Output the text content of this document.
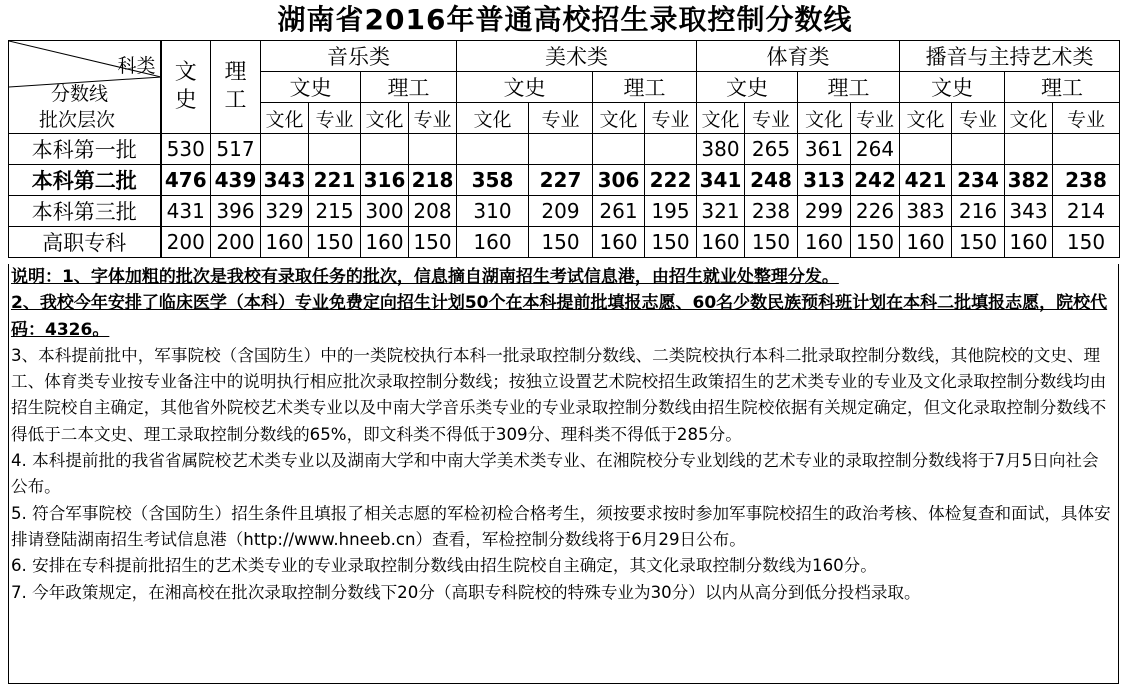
湖南省2016年普通高校招生录取控制分数线
科类
分数线
批次层次	文史	理工	音乐类				美术类				体育类				播音与主持艺术类			
			文史		理工		文史		理工		文史		理工		文史		理工	
			文化	专业	文化	专业	文化	专业	文化	专业	文化	专业	文化	专业	文化	专业	文化	专业
本科第一批	530	517									380	265	361	264				
本科第二批	476	439	343	221	316	218	358	227	306	222	341	248	313	242	421	234	382	238
本科第三批	431	396	329	215	300	208	310	209	261	195	321	238	299	226	383	216	343	214
高职专科	200	200	160	150	160	150	160	150	160	150	160	150	160	150	160	150	160	150

说明：1、字体加粗的批次是我校有录取任务的批次，信息摘自湖南招生考试信息港，由招生就业处整理分发。

2、我校今年安排了临床医学（本科）专业免费定向招生计划50个在本科提前批填报志愿、60名少数民族预科班计划在本科二批填报志愿，院校代码：4326。

3、本科提前批中，军事院校（含国防生）中的一类院校执行本科一批录取控制分数线、二类院校执行本科二批录取控制分数线，其他院校的文史、理工、体育类专业按专业备注中的说明执行相应批次录取控制分数线；按独立设置艺术院校招生政策招生的艺术类专业的专业及文化录取控制分数线均由招生院校自主确定，其他省外院校艺术类专业以及中南大学音乐类专业的专业录取控制分数线由招生院校依据有关规定确定，但文化录取控制分数线不得低于二本文史、理工录取控制分数线的65%，即文科类不得低于309分、理科类不得低于285分。

4. 本科提前批的我省省属院校艺术类专业以及湖南大学和中南大学美术类专业、在湘院校分专业划线的艺术专业的录取控制分数线将于7月5日向社会公布。

5. 符合军事院校（含国防生）招生条件且填报了相关志愿的军检初检合格考生，须按要求按时参加军事院校招生的政治考核、体检复查和面试，具体安排请登陆湖南招生考试信息港（http://www.hneeb.cn）查看，军检控制分数线将于6月29日公布。

6. 安排在专科提前批招生的艺术类专业的专业录取控制分数线由招生院校自主确定，其文化录取控制分数线为160分。

7. 今年政策规定，在湘高校在批次录取控制分数线下20分（高职专科院校的特殊专业为30分）以内从高分到低分投档录取。
